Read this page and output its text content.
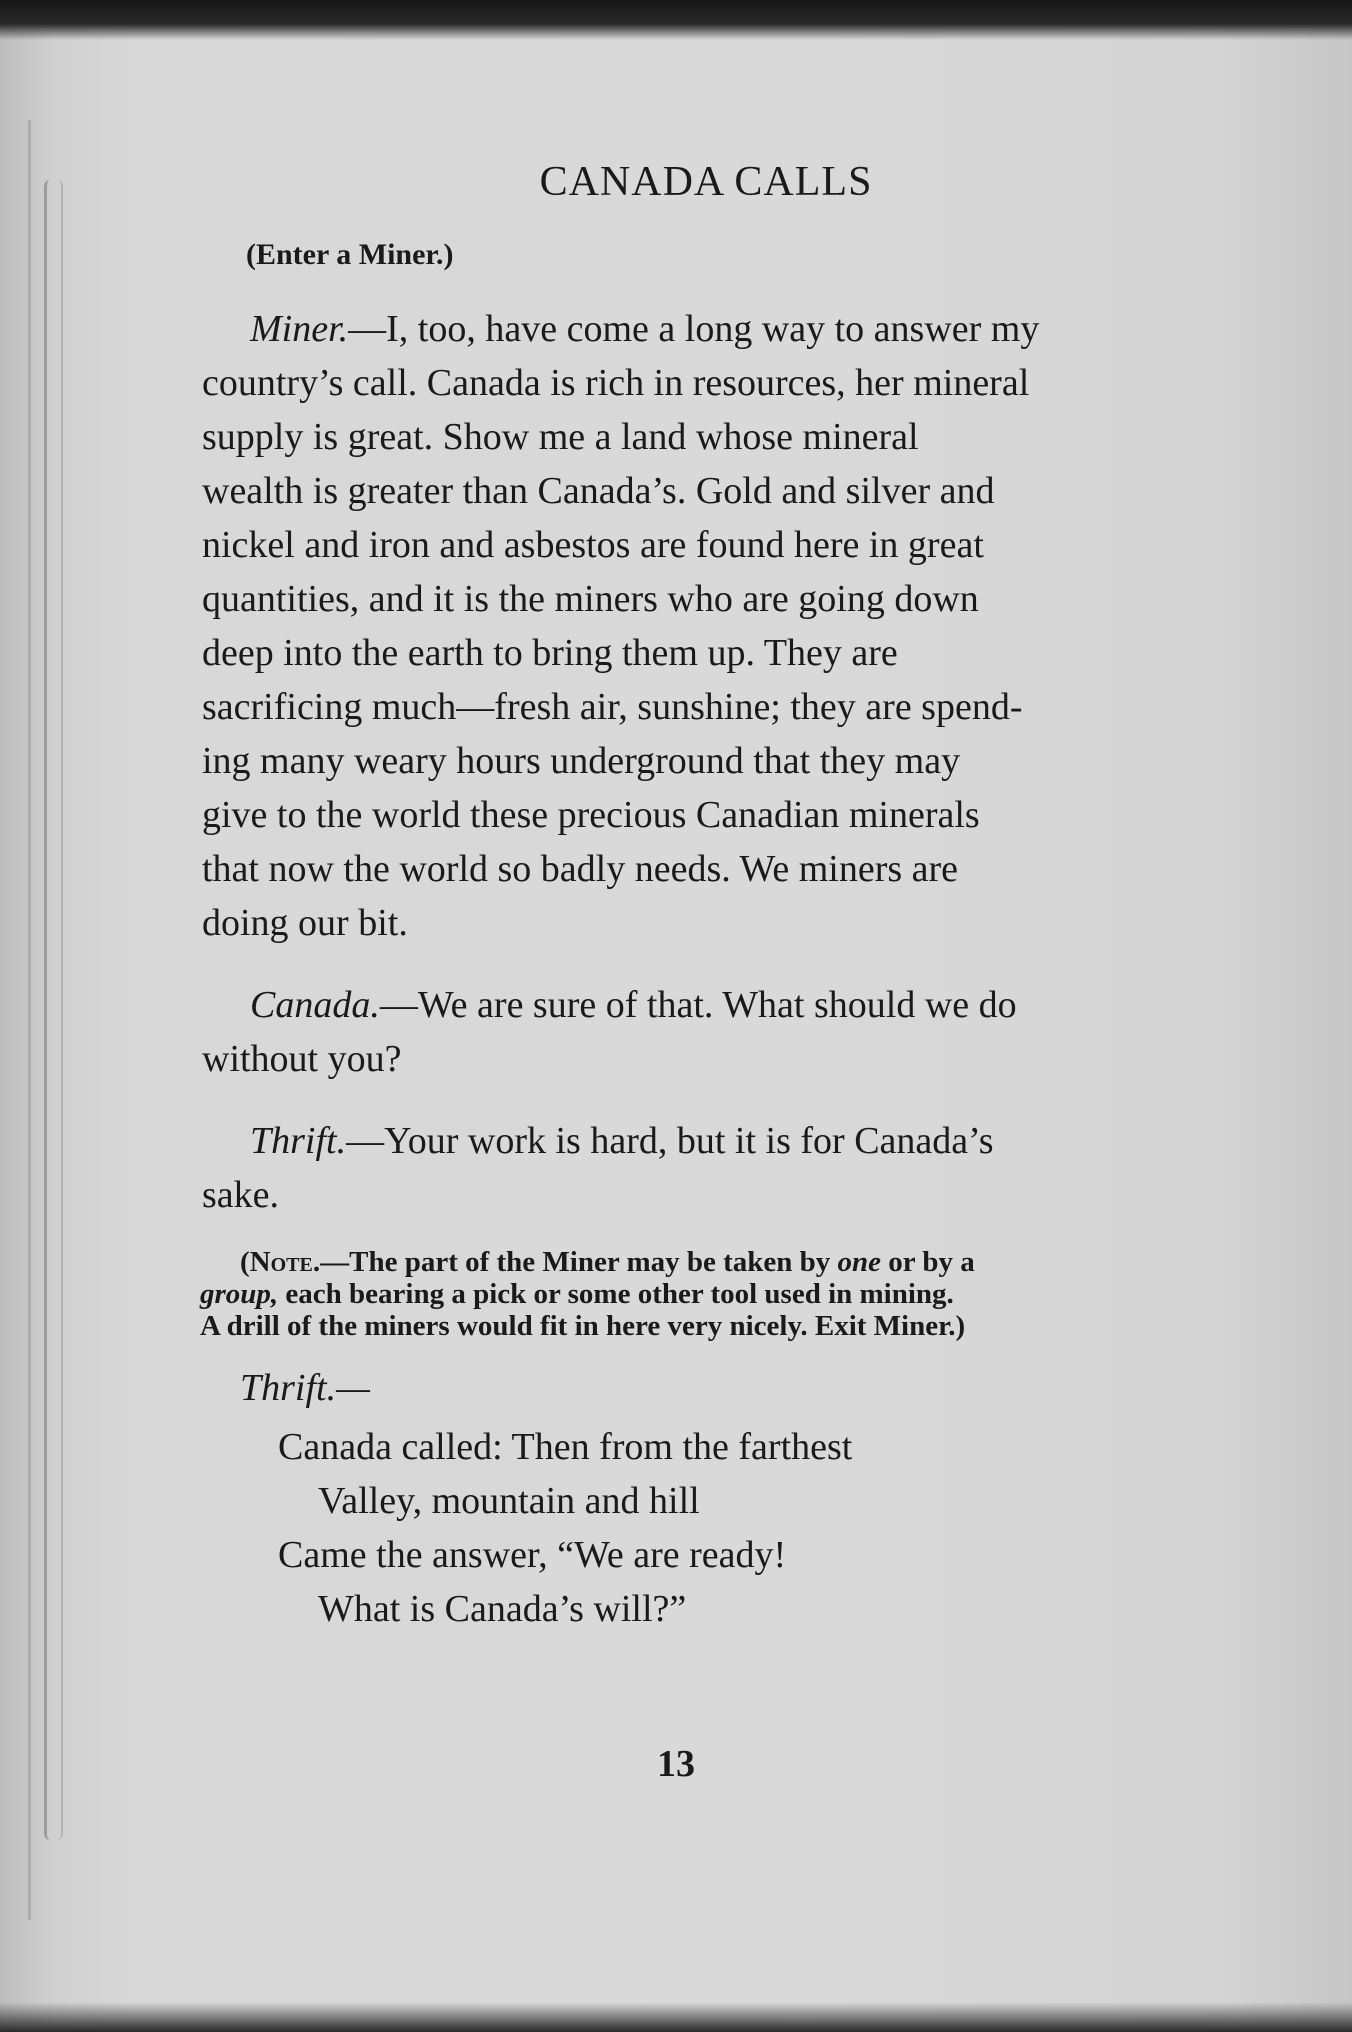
CANADA CALLS
(Enter a Miner.)
Miner.—I, too, have come a long way to answer my
country’s call. Canada is rich in resources, her mineral
supply is great. Show me a land whose mineral
wealth is greater than Canada’s. Gold and silver and
nickel and iron and asbestos are found here in great
quantities, and it is the miners who are going down
deep into the earth to bring them up. They are
sacrificing much—fresh air, sunshine; they are spend-
ing many weary hours underground that they may
give to the world these precious Canadian minerals
that now the world so badly needs. We miners are
doing our bit.
Canada.—We are sure of that. What should we do
without you?
Thrift.—Your work is hard, but it is for Canada’s
sake.
(Note.—The part of the Miner may be taken by one or by a
group, each bearing a pick or some other tool used in mining.
A drill of the miners would fit in here very nicely. Exit Miner.)
Thrift.—
Canada called: Then from the farthest
Valley, mountain and hill
Came the answer, “We are ready!
What is Canada’s will?”
13
